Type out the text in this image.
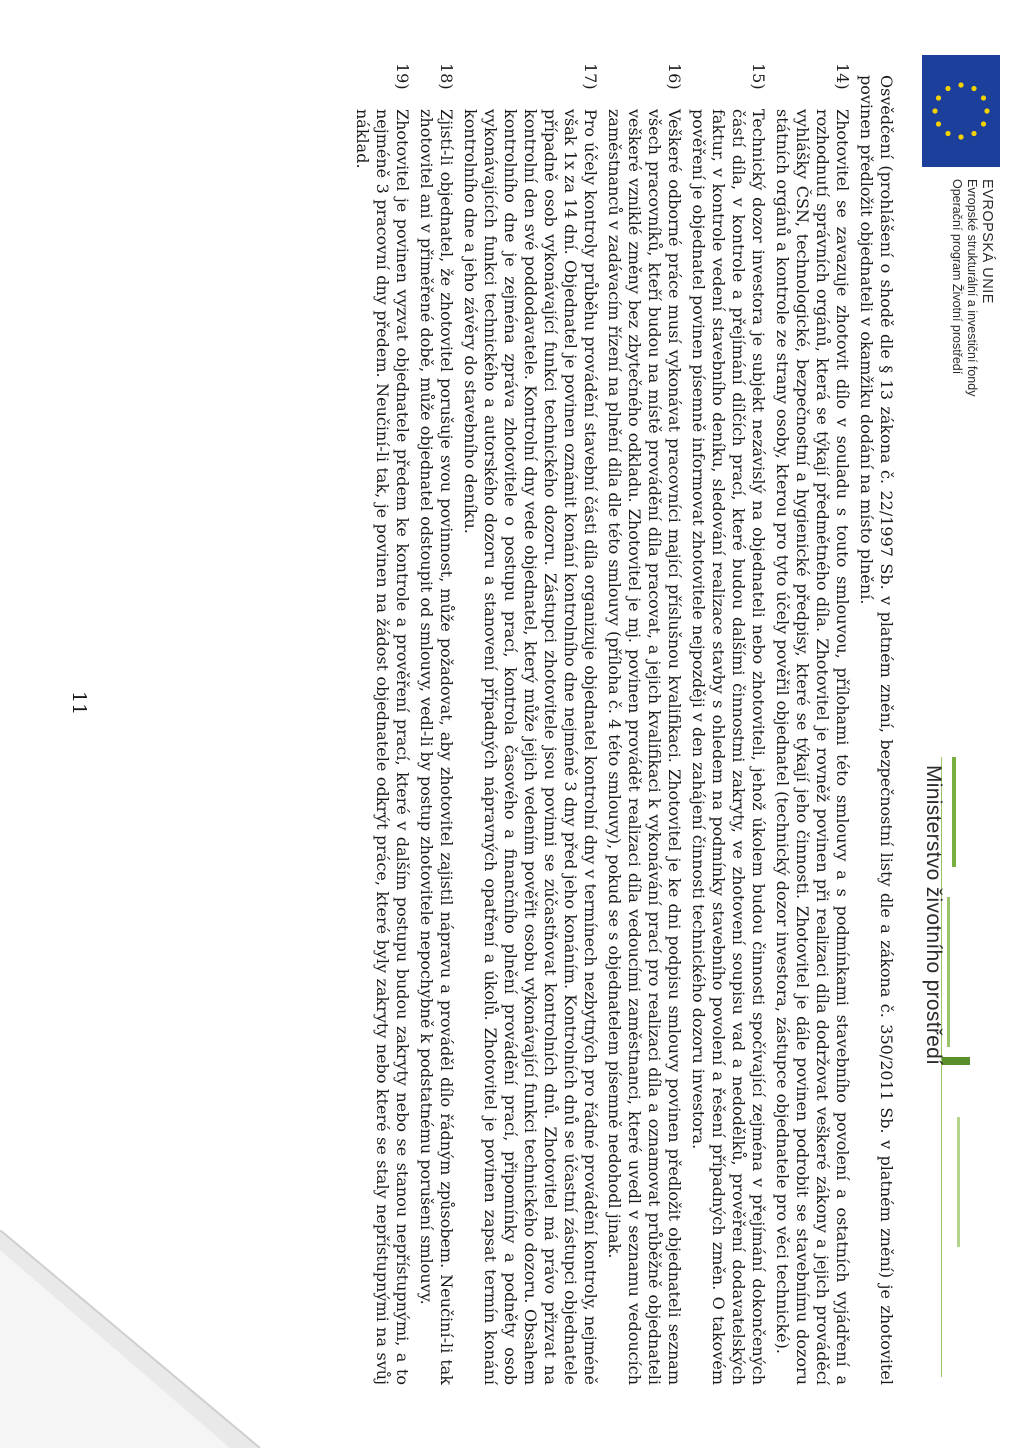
EVROPSKÁ UNIE
Evropské strukturální a investiční fondy
Operační program Životní prostředí
Ministerstvo životního prostředí

Osvědčení (prohlášení o shodě dle § 13 zákona č. 22/1997 Sb. v platném znění, bezpečnostní listy dle a zákona č. 350/2011 Sb. v platném znění) je zhotovitel povinen předložit objednateli v okamžiku dodání na místo plnění.

14)
Zhotovitel se zavazuje zhotovit dílo v souladu s touto smlouvou, přílohami této smlouvy a s podmínkami stavebního povolení a ostatních vyjádření a rozhodnutí správních orgánů, která se týkají předmětného díla. Zhotovitel je rovněž povinen při realizaci díla dodržovat veškeré zákony a jejich prováděcí vyhlášky ČSN, technologické, bezpečnostní a hygienické předpisy, které se týkají jeho činnosti. Zhotovitel je dále povinen podrobit se stavebnímu dozoru státních orgánů a kontrole ze strany osoby, kterou pro tyto účely pověřil objednatel (technický dozor investora, zástupce objednatele pro věci technické).
15)
Technický dozor investora je subjekt nezávislý na objednateli nebo zhotoviteli, jehož úkolem budou činnosti spočívající zejména v přejímání dokončených částí díla, v kontrole a přejímání dílčích prací, které budou dalšími činnostmi zakryty, ve zhotovení soupisu vad a nedodělků, prověření dodavatelských faktur, v kontrole vedení stavebního deníku, sledování realizace stavby s ohledem na podmínky stavebního povolení a řešení případných změn. O takovém pověření je objednatel povinen písemně informovat zhotovitele nejpozději v den zahájení činnosti technického dozoru investora.
16)
Veškeré odborné práce musí vykonávat pracovníci mající příslušnou kvalifikaci. Zhotovitel je ke dni podpisu smlouvy povinen předložit objednateli seznam všech pracovníků, kteří budou na místě provádění díla pracovat, a jejich kvalifikaci k vykonávání prací pro realizaci díla a oznamovat průběžně objednateli veškeré vzniklé změny bez zbytečného odkladu. Zhotovitel je mj. povinen provádět realizaci díla vedoucími zaměstnanci, které uvedl v seznamu vedoucích zaměstnanců v zadávacím řízení na plnění díla dle této smlouvy (příloha č. 4 této smlouvy), pokud se s objednatelem písemně nedohodl jinak.
17)
Pro účely kontroly průběhu provádění stavební části díla organizuje objednatel kontrolní dny v termínech nezbytných pro řádné provádění kontroly, nejméně však 1x za 14 dní. Objednatel je povinen oznámit konání kontrolního dne nejméně 3 dny před jeho konáním. Kontrolních dnů se účastní zástupci objednatele případně osob vykonávající funkci technického dozoru. Zástupci zhotovitele jsou povinni se zúčastňovat kontrolních dnů. Zhotovitel má právo přizvat na kontrolní den své poddodavatele. Kontrolní dny vede objednatel, který může jejich vedením pověřit osobu vykonávající funkci technického dozoru. Obsahem kontrolního dne je zejména zpráva zhotovitele o postupu prací, kontrola časového a finančního plnění provádění prací, připomínky a podněty osob vykonávajících funkci technického a autorského dozoru a stanovení případných nápravných opatření a úkolů. Zhotovitel je povinen zapsat termín konání kontrolního dne a jeho závěry do stavebního deníku.
18)
Zjistí-li objednatel, že zhotovitel porušuje svou povinnost, může požadovat, aby zhotovitel zajistil nápravu a prováděl dílo řádným způsobem. Neučiní-li tak zhotovitel ani v přiměřené době, může objednatel odstoupit od smlouvy, vedl-li by postup zhotovitele nepochybně k podstatnému porušení smlouvy.
19)
Zhotovitel je povinen vyzvat objednatele předem ke kontrole a prověření prací, které v dalším postupu budou zakryty nebo se stanou nepřístupnými, a to nejméně 3 pracovní dny předem. Neučiní-li tak, je povinen na žádost objednatele odkrýt práce, které byly zakryty nebo které se staly nepřístupnými na svůj náklad.
11
